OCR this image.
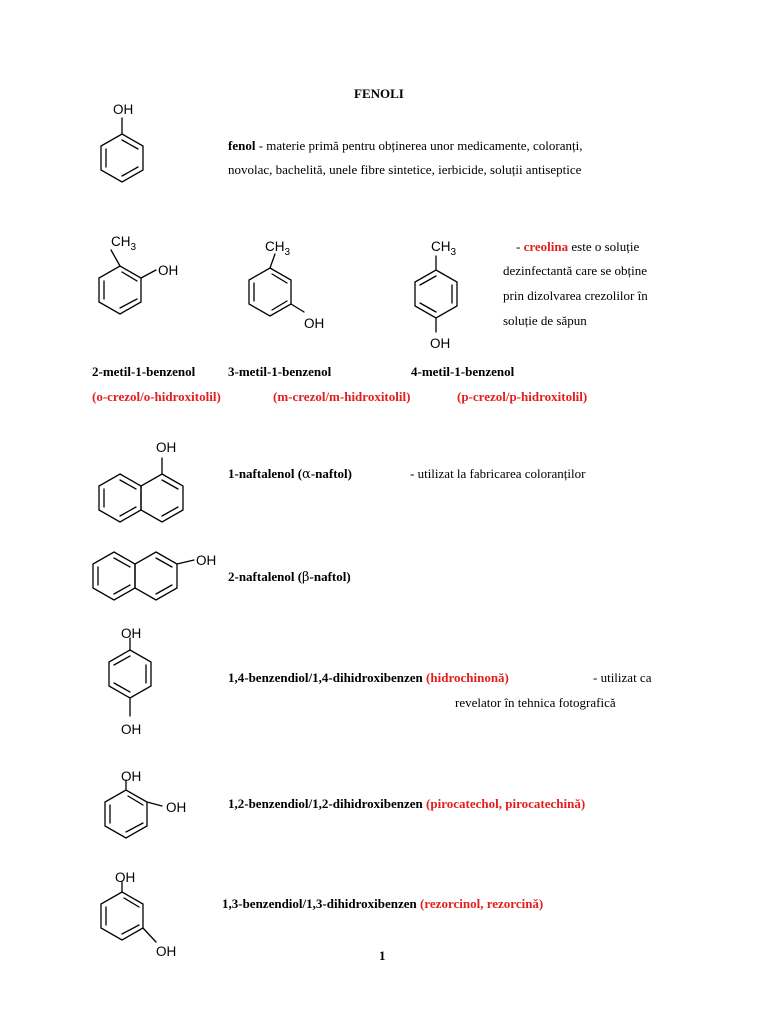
FENOLI
OH
fenol - materie primă pentru obținerea unor medicamente, coloranți,
novolac, bachelită, unele fibre sintetice, ierbicide, soluții antiseptice
$CH_3$
OH
$CH_3$
OH
$CH_3$
OH
- creolina este o soluție
dezinfectantă care se obține
prin dizolvarea crezolilor în
soluție de săpun
2-metil-1-benzenol	3-metil-1-benzenol	4-metil-1-benzenol
(o-crezol/o-hidroxitolil)	(m-crezol/m-hidroxitolil)	(p-crezol/p-hidroxitolil)
OH
1-naftalenol (α-naftol)	- utilizat la fabricarea coloranților
OH
2-naftalenol (β-naftol)
OH
OH
1,4-benzendiol/1,4-dihidroxibenzen (hidrochinonă)	- utilizat ca
revelator în tehnica fotografică
OH
OH	1,2-benzendiol/1,2-dihidroxibenzen (pirocatechol, pirocatechină)
OH
OH
1,3-benzendiol/1,3-dihidroxibenzen (rezorcinol, rezorcină)
1
